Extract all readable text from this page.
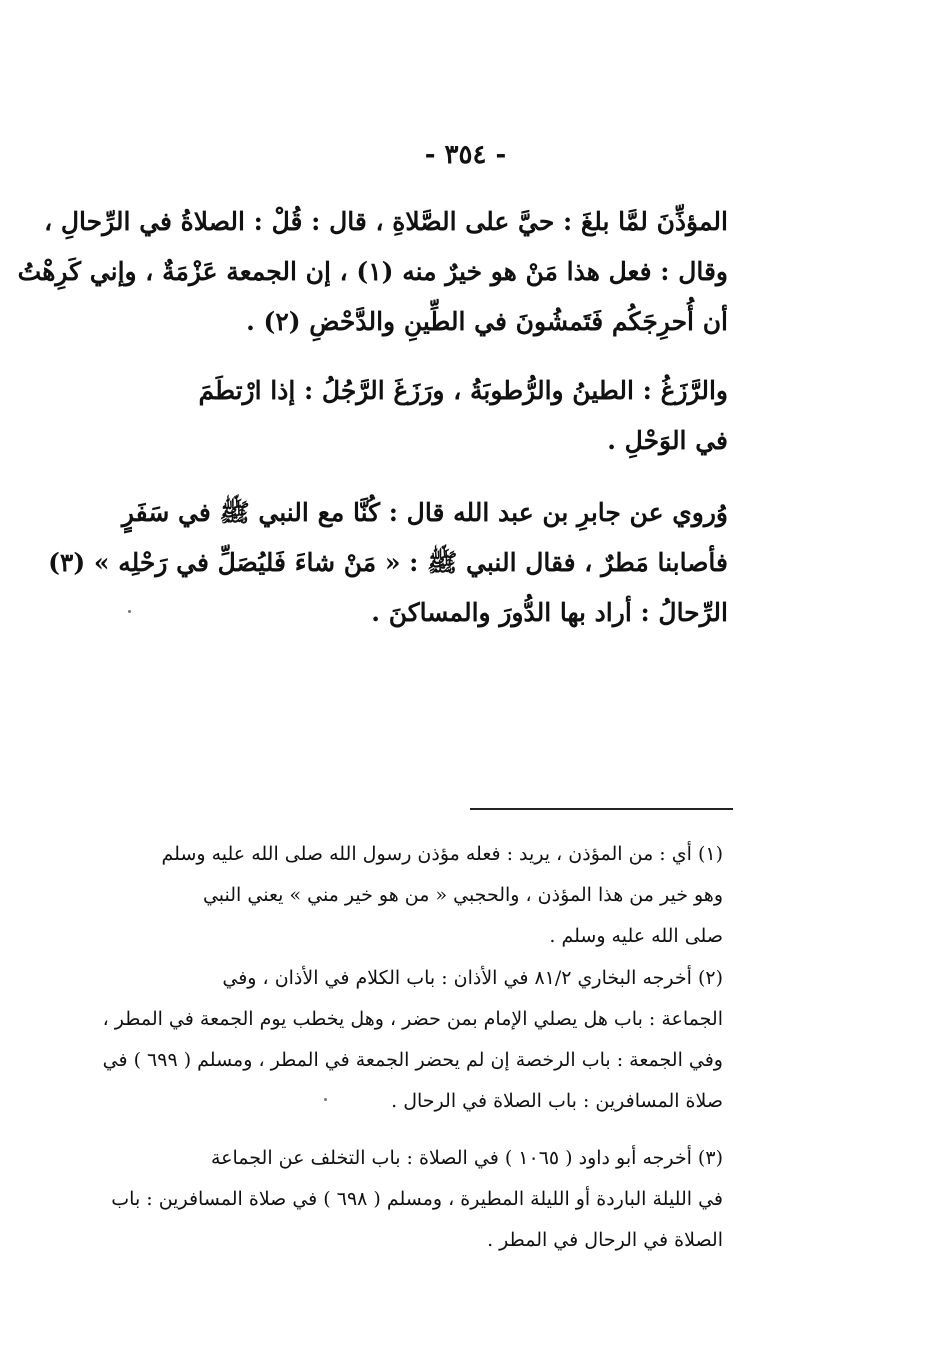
- ٣٥٤ -
المؤذِّنَ لمَّا بلغَ : حيَّ على الصَّلاةِ ، قال : قُلْ : الصلاةُ في الرِّحالِ ،
وقال : فعل هذا مَنْ هو خيرٌ منه (١) ، إن الجمعة عَزْمَةٌ ، وإني كَرِهْتُ
أن أُحرِجَكُم فَتَمشُونَ في الطِّينِ والدَّحْضِ (٢) .
والرَّزَغُ : الطينُ والرُّطوبَةُ ، ورَزَغَ الرَّجُلُ : إذا ارْتطَمَ
في الوَحْلِ .
وُروي عن جابرِ بن عبد الله قال : كُنَّا مع النبي ﷺ في سَفَرٍ
فأصابنا مَطرٌ ، فقال النبي ﷺ : « مَنْ شاءَ فَليُصَلِّ في رَحْلِه » (٣)
الرِّحالُ : أراد بها الدُّورَ والمساكنَ .
(١) أي : من المؤذن ، يريد : فعله مؤذن رسول الله صلى الله عليه وسلم
وهو خير من هذا المؤذن ، والحجبي « من هو خير مني » يعني النبي
صلى الله عليه وسلم .
(٢) أخرجه البخاري ٨١/٢ في الأذان : باب الكلام في الأذان ، وفي
الجماعة : باب هل يصلي الإمام بمن حضر ، وهل يخطب يوم الجمعة في المطر ،
وفي الجمعة : باب الرخصة إن لم يحضر الجمعة في المطر ، ومسلم ( ٦٩٩ ) في
صلاة المسافرين : باب الصلاة في الرحال .
(٣) أخرجه أبو داود ( ١٠٦٥ ) في الصلاة : باب التخلف عن الجماعة
في الليلة الباردة أو الليلة المطيرة ، ومسلم ( ٦٩٨ ) في صلاة المسافرين : باب
الصلاة في الرحال في المطر .
